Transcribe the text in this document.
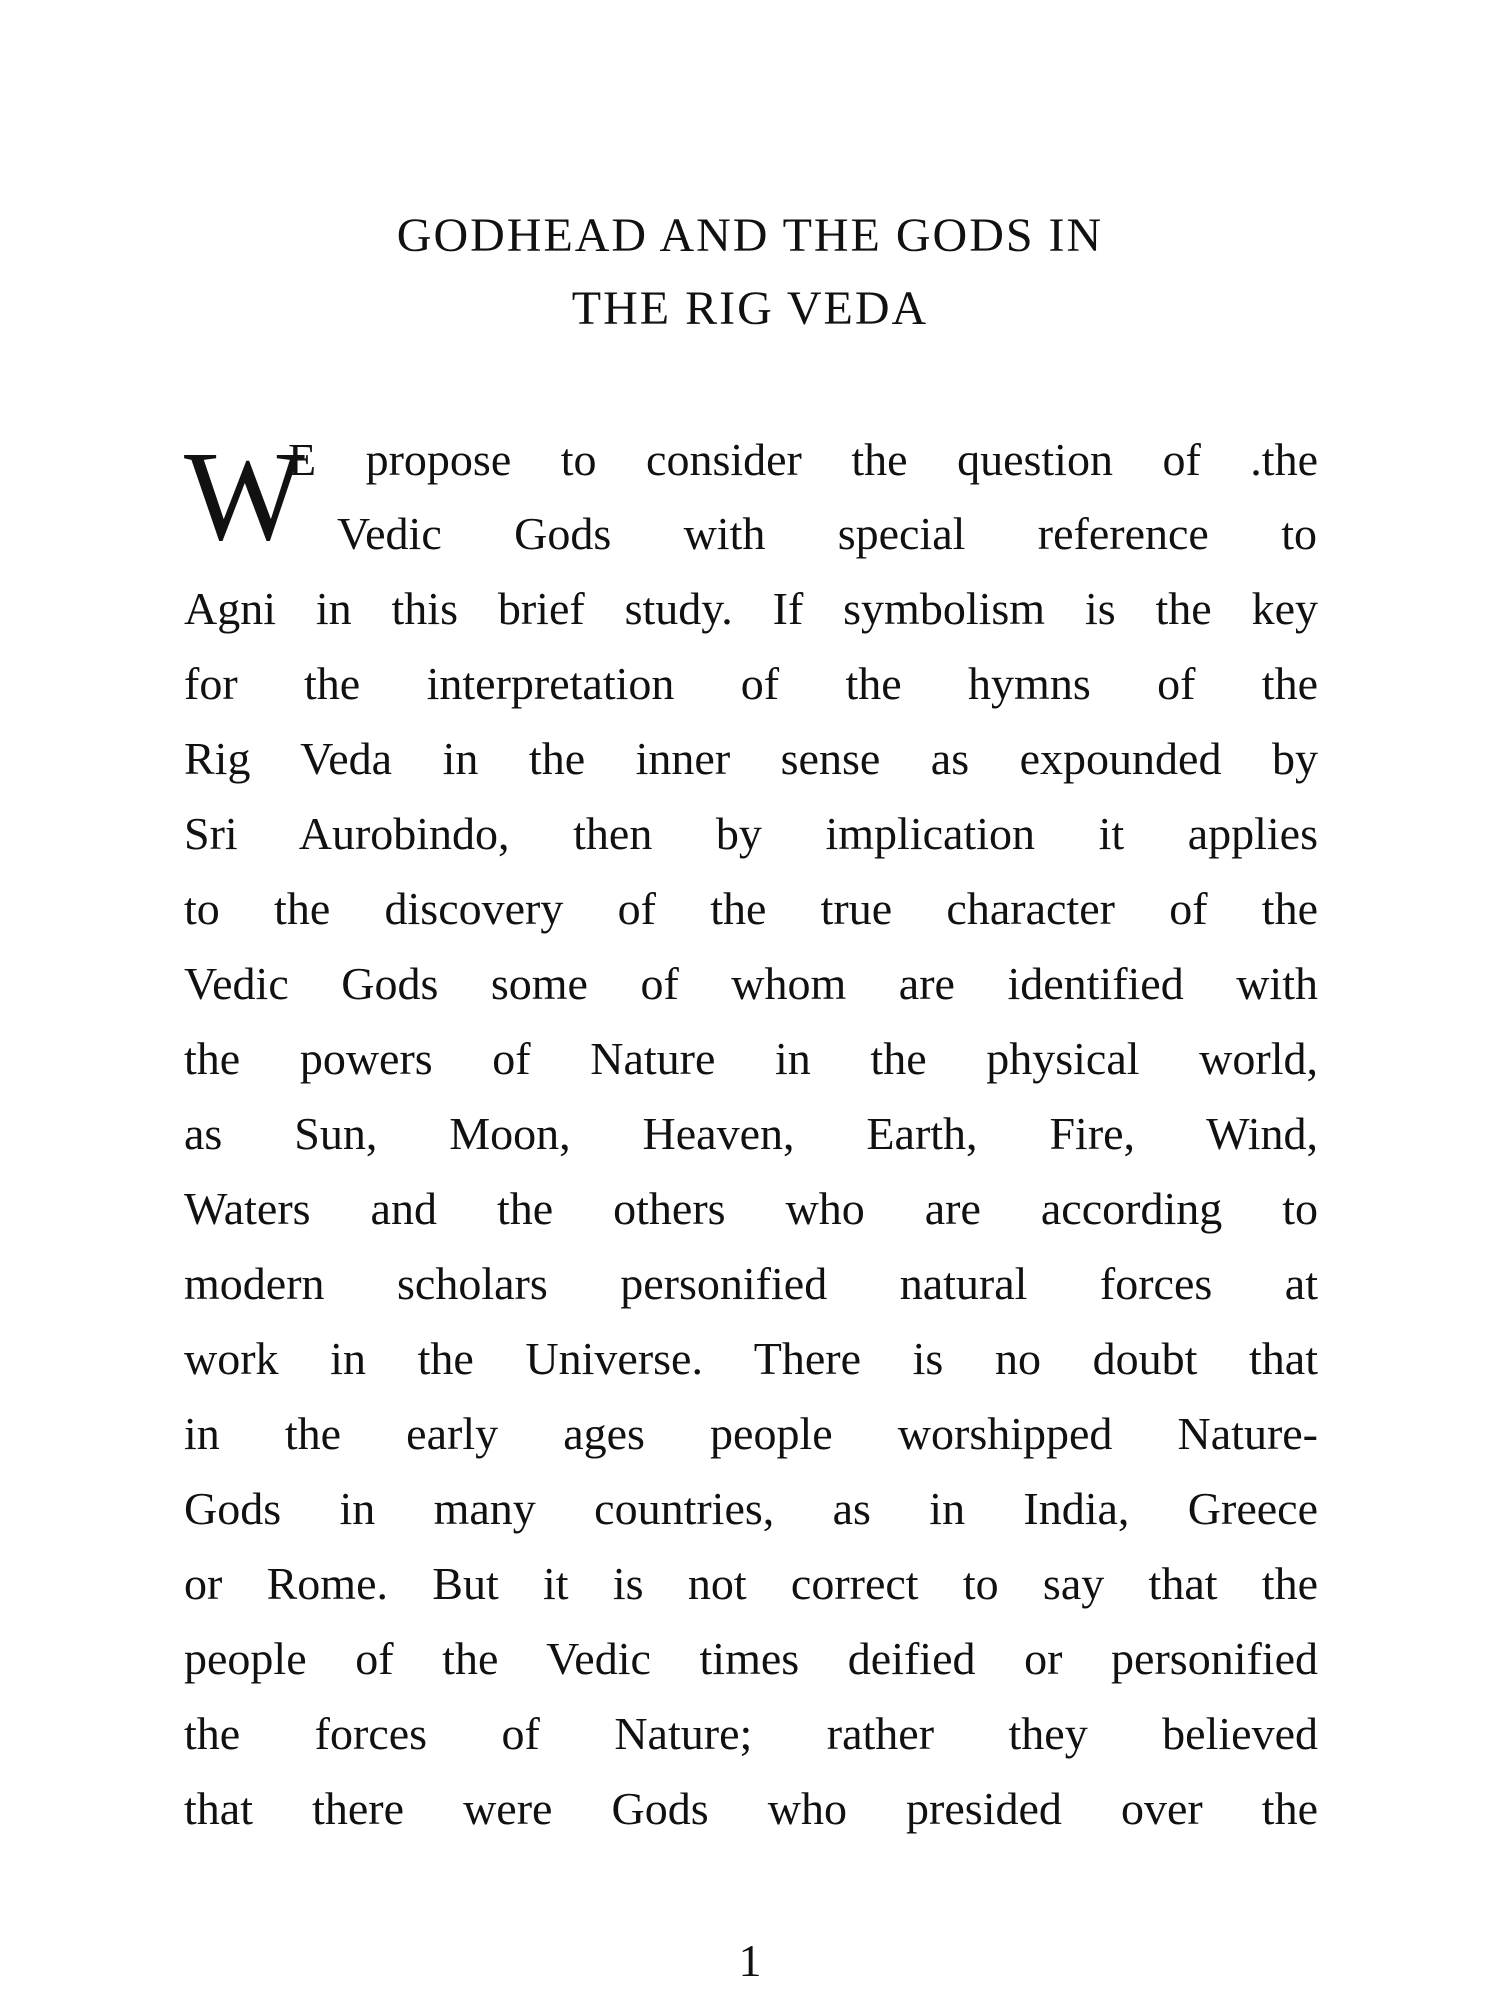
GODHEAD AND THE GODS IN
THE RIG VEDA
W
E propose to consider the question of .the
Vedic Gods with special reference to
Agni in this brief study. If symbolism is the key
for the interpretation of the hymns of the
Rig Veda in the inner sense as expounded by
Sri Aurobindo, then by implication it applies
to the discovery of the true character of the
Vedic Gods some of whom are identified with
the powers of Nature in the physical world,
as Sun, Moon, Heaven, Earth, Fire, Wind,
Waters and the others who are according to
modern scholars personified natural forces at
work in the Universe. There is no doubt that
in the early ages people worshipped Nature-
Gods in many countries, as in India, Greece
or Rome. But it is not correct to say that the
people of the Vedic times deified or personified
the forces of Nature; rather they believed
that there were Gods who presided over the
1
